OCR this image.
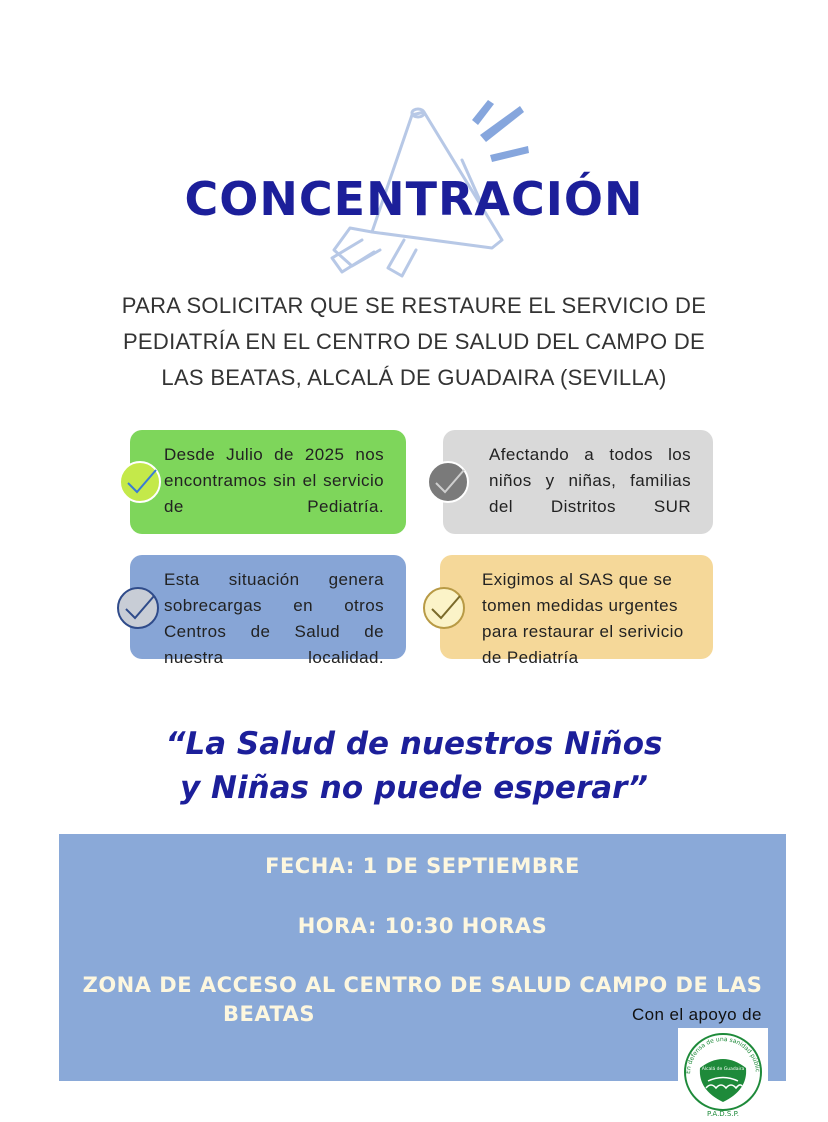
CONCENTRACIÓN
PARA SOLICITAR QUE SE RESTAURE EL SERVICIO DE
PEDIATRÍA EN EL CENTRO DE SALUD DEL CAMPO DE
LAS BEATAS, ALCALÁ DE GUADAIRA (SEVILLA)
Desde Julio de 2025 nos encontramos sin el servicio de Pediatría.
Afectando a todos los niños y niñas, familias del Distritos SUR
Esta situación genera sobrecargas en otros Centros de Salud de nuestra localidad.
Exigimos al SAS que se tomen medidas urgentes para restaurar el serivicio de Pediatría
“La Salud de nuestros Niños
y Niñas no puede esperar”
FECHA: 1 DE SEPTIEMBRE
HORA: 10:30 HORAS
ZONA DE ACCESO AL CENTRO DE SALUD CAMPO DE LAS
BEATAS	Con el apoyo de
En defensa de una sanidad públic
Alcalá de Guadaira
P.A.D.S.P.
